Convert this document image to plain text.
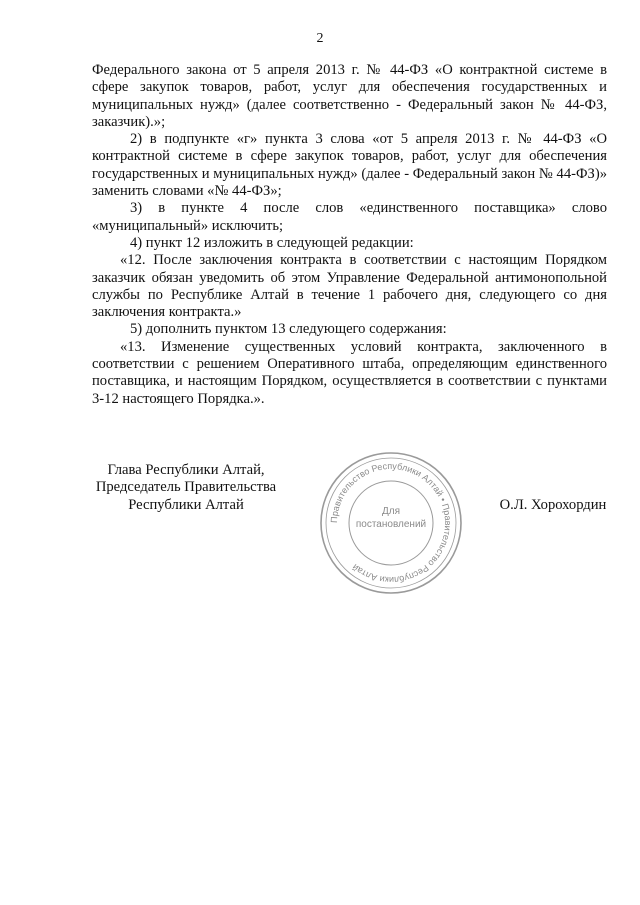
2

Федерального закона от 5 апреля 2013 г. № 44-ФЗ «О контрактной системе в сфере закупок товаров, работ, услуг для обеспечения государственных и муниципальных нужд» (далее соответственно - Федеральный закон № 44-ФЗ, заказчик).»;

2) в подпункте «г» пункта 3 слова «от 5 апреля 2013 г. № 44-ФЗ «О контрактной системе в сфере закупок товаров, работ, услуг для обеспечения государственных и муниципальных нужд» (далее - Федеральный закон № 44-ФЗ)» заменить словами «№ 44-ФЗ»;

3) в пункте 4 после слов «единственного поставщика» слово «муниципальный» исключить;

4) пункт 12 изложить в следующей редакции:

«12. После заключения контракта в соответствии с настоящим Порядком заказчик обязан уведомить об этом Управление Федеральной антимонопольной службы по Республике Алтай в течение 1 рабочего дня, следующего со дня заключения контракта.»

5) дополнить пунктом 13 следующего содержания:

«13. Изменение существенных условий контракта, заключенного в соответствии с решением Оперативного штаба, определяющим единственного поставщика, и настоящим Порядком, осуществляется в соответствии с пунктами 3-12 настоящего Порядка.».

Глава Республики Алтай,
Председатель Правительства
Республики Алтай
Правительство Республики Алтай • Правительство Республики Алтай
Для
постановлений
О.Л. Хорохордин
